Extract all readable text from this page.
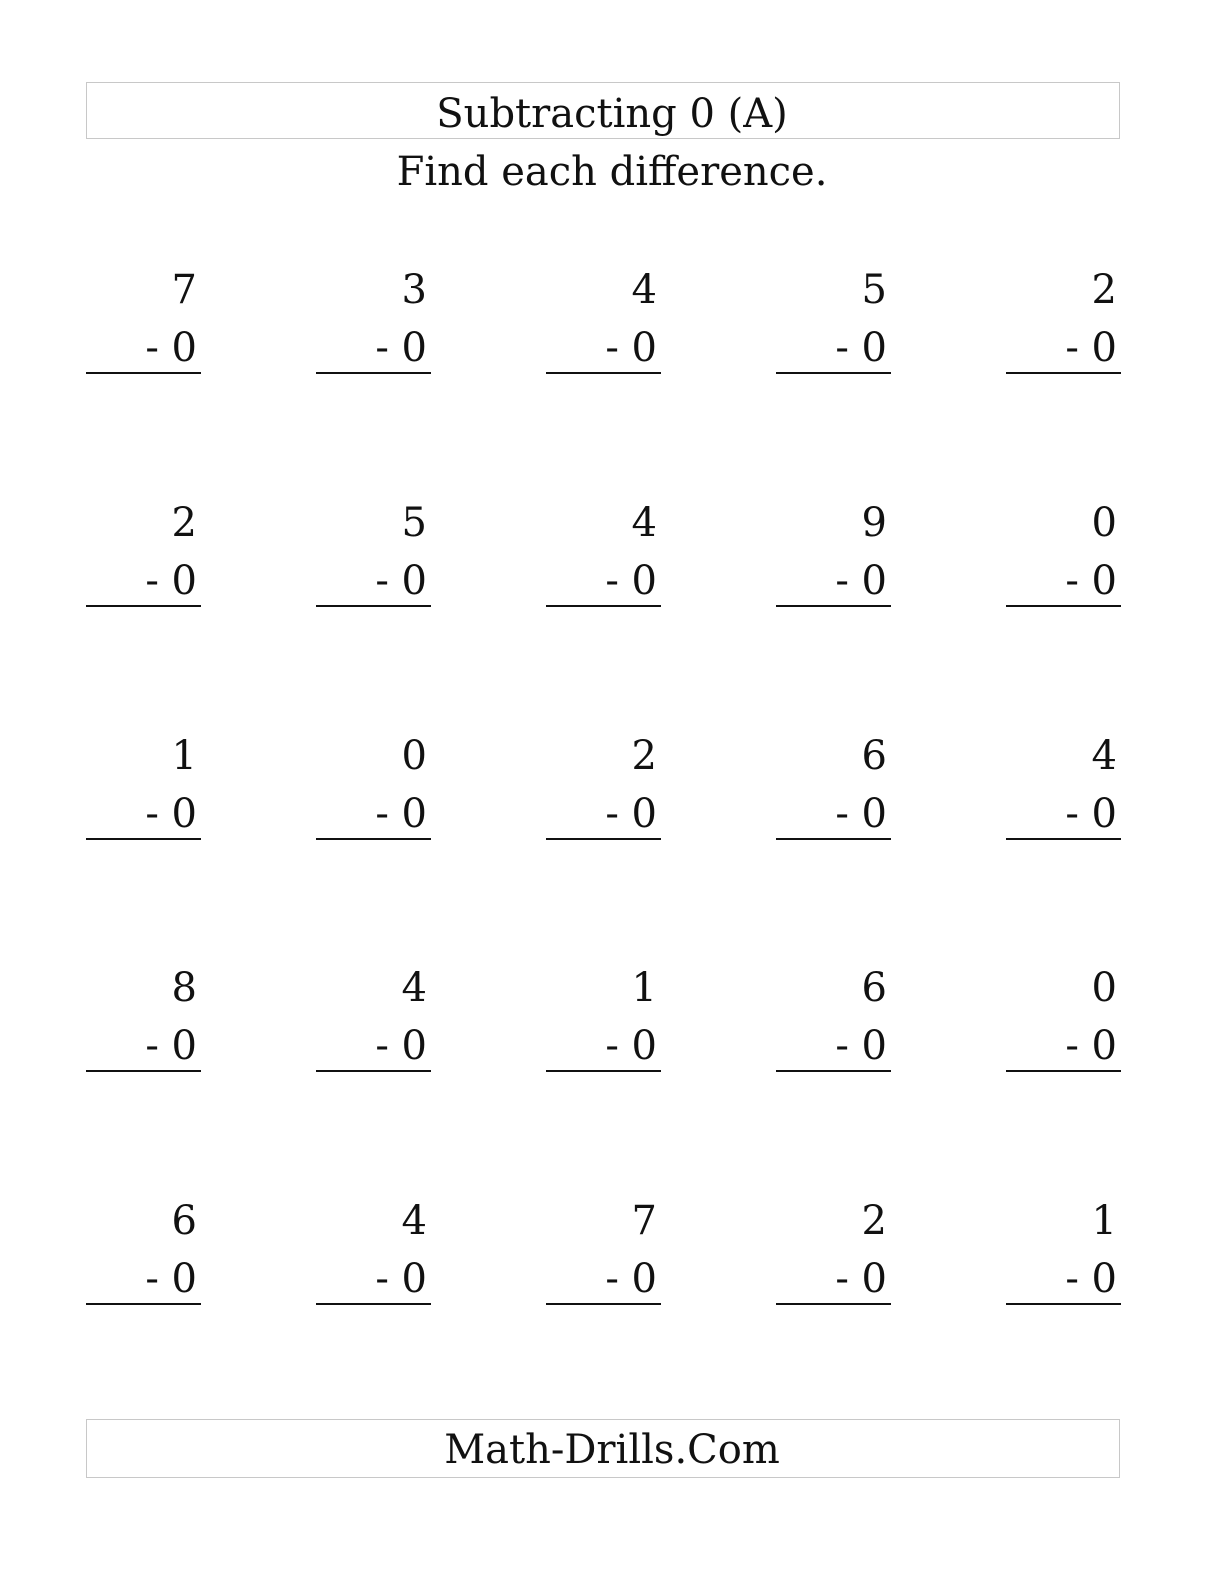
Subtracting 0 (A)
Find each difference.
7
- 0
3
- 0
4
- 0
5
- 0
2
- 0
2
- 0
5
- 0
4
- 0
9
- 0
0
- 0
1
- 0
0
- 0
2
- 0
6
- 0
4
- 0
8
- 0
4
- 0
1
- 0
6
- 0
0
- 0
6
- 0
4
- 0
7
- 0
2
- 0
1
- 0
Math-Drills.Com
